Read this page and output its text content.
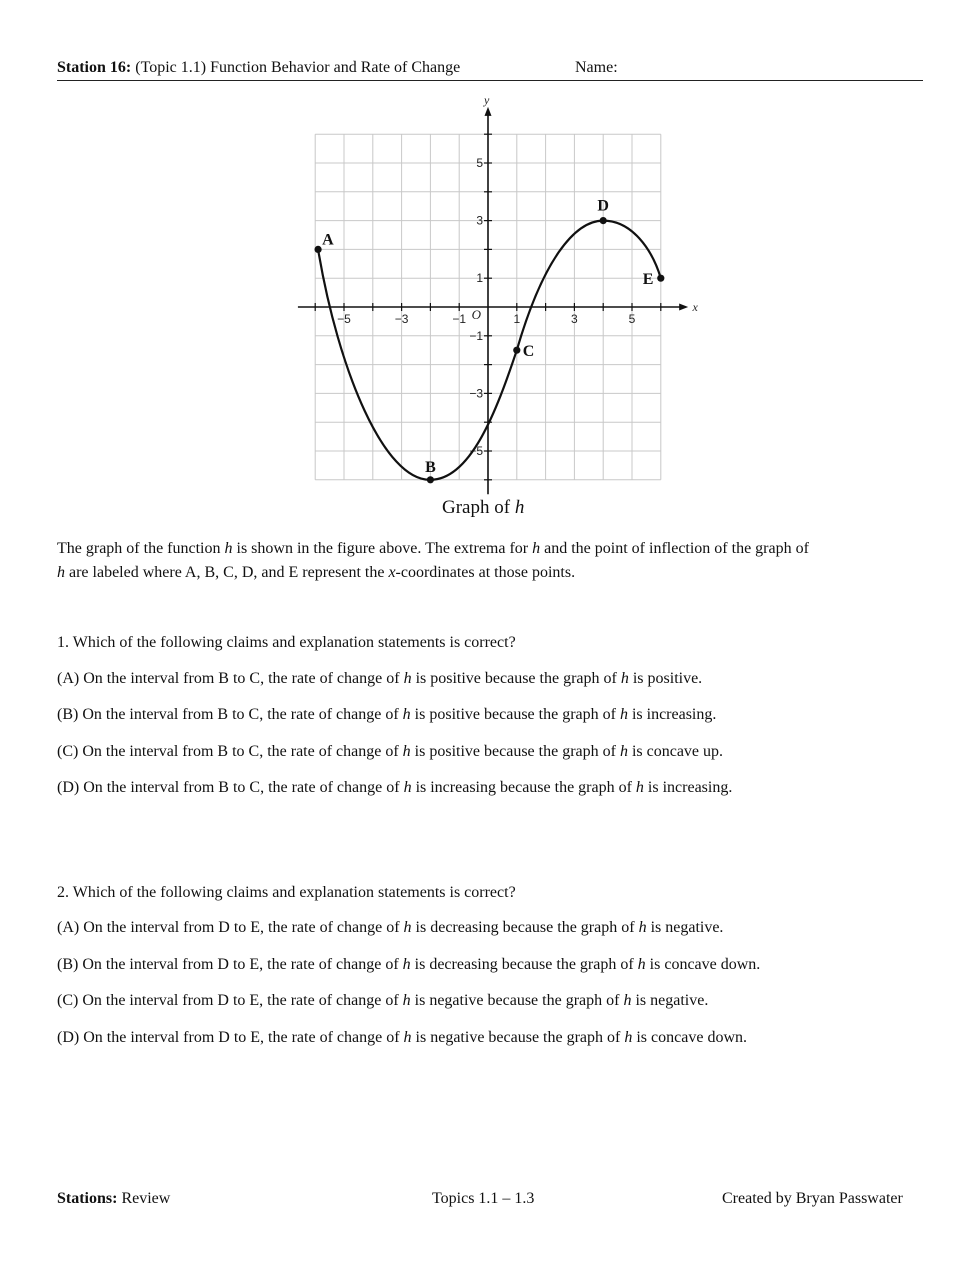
Station 16: (Topic 1.1) Function Behavior and Rate of Change	Name:
−5	−3	−1	1	3	5
5
3
1
−1
−3
−5
O	x
y
A
B
C
D
E
Graph of h
The graph of the function h is shown in the figure above. The extrema for h and the point of inflection of the graph of
h are labeled where A, B, C, D, and E represent the x-coordinates at those points.
1. Which of the following claims and explanation statements is correct?
(A) On the interval from B to C, the rate of change of h is positive because the graph of h is positive.
(B) On the interval from B to C, the rate of change of h is positive because the graph of h is increasing.
(C) On the interval from B to C, the rate of change of h is positive because the graph of h is concave up.
(D) On the interval from B to C, the rate of change of h is increasing because the graph of h is increasing.
2. Which of the following claims and explanation statements is correct?
(A) On the interval from D to E, the rate of change of h is decreasing because the graph of h is negative.
(B) On the interval from D to E, the rate of change of h is decreasing because the graph of h is concave down.
(C) On the interval from D to E, the rate of change of h is negative because the graph of h is negative.
(D) On the interval from D to E, the rate of change of h is negative because the graph of h is concave down.
Stations: Review	Topics 1.1 – 1.3	Created by Bryan Passwater
